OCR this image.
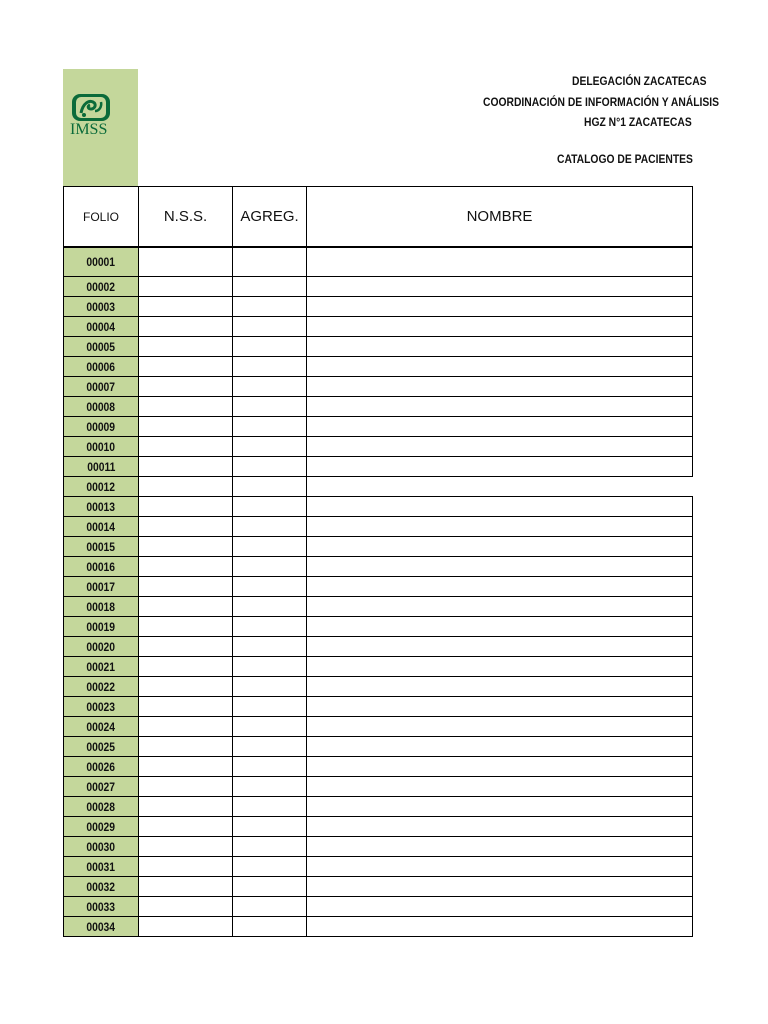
IMSS
DELEGACIÓN ZACATECAS
COORDINACIÓN DE INFORMACIÓN Y ANÁLISIS
HGZ N°1 ZACATECAS
CATALOGO DE PACIENTES
FOLIO	N.S.S.	AGREG.	NOMBRE
00001			
00002			
00003			
00004			
00005			
00006			
00007			
00008			
00009			
00010			
00011			
00012			
00013			
00014			
00015			
00016			
00017			
00018			
00019			
00020			
00021			
00022			
00023			
00024			
00025			
00026			
00027			
00028			
00029			
00030			
00031			
00032			
00033			
00034			
